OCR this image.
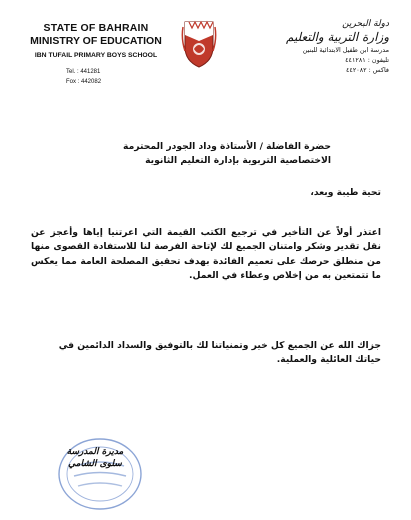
STATE OF BAHRAIN
MINISTRY OF EDUCATION
IBN TUFAIL PRIMARY BOYS SCHOOL
Tel. : 441281
Fox : 442082
دولة البحرين
وزارة التربية والتعليم
مدرسة ابن طفيل الابتدائية للبنين
تليفون : ٤٤١٢٨١
فاكس : ٤٤٢٠٨٢
حضرة الفاضلة / الأستاذة وداد الجودر المحترمة
الاختصاصية التربوية بإدارة التعليم الثانوية
تحية طيبة وبعد،
اعتذر أولاً عن التأخير في ترجيع الكتب القيمة التي اعرتنيا إياها وأعجز عن نقل تقدير وشكر وامتنان الجميع لك لإتاحة الفرصة لنا للاستفادة القصوى منها من منطلق حرصك على تعميم الفائدة بهدف تحقيق المصلحة العامة مما يعكس ما تتمتعين به من إخلاص وعطاء في العمل.
جزاك الله عن الجميع كل خير وتمنياتنا لك بالتوفيق والسداد الدائمين في حياتك العائلية والعملية.
مديرة المدرسة
سلوى الشامي
